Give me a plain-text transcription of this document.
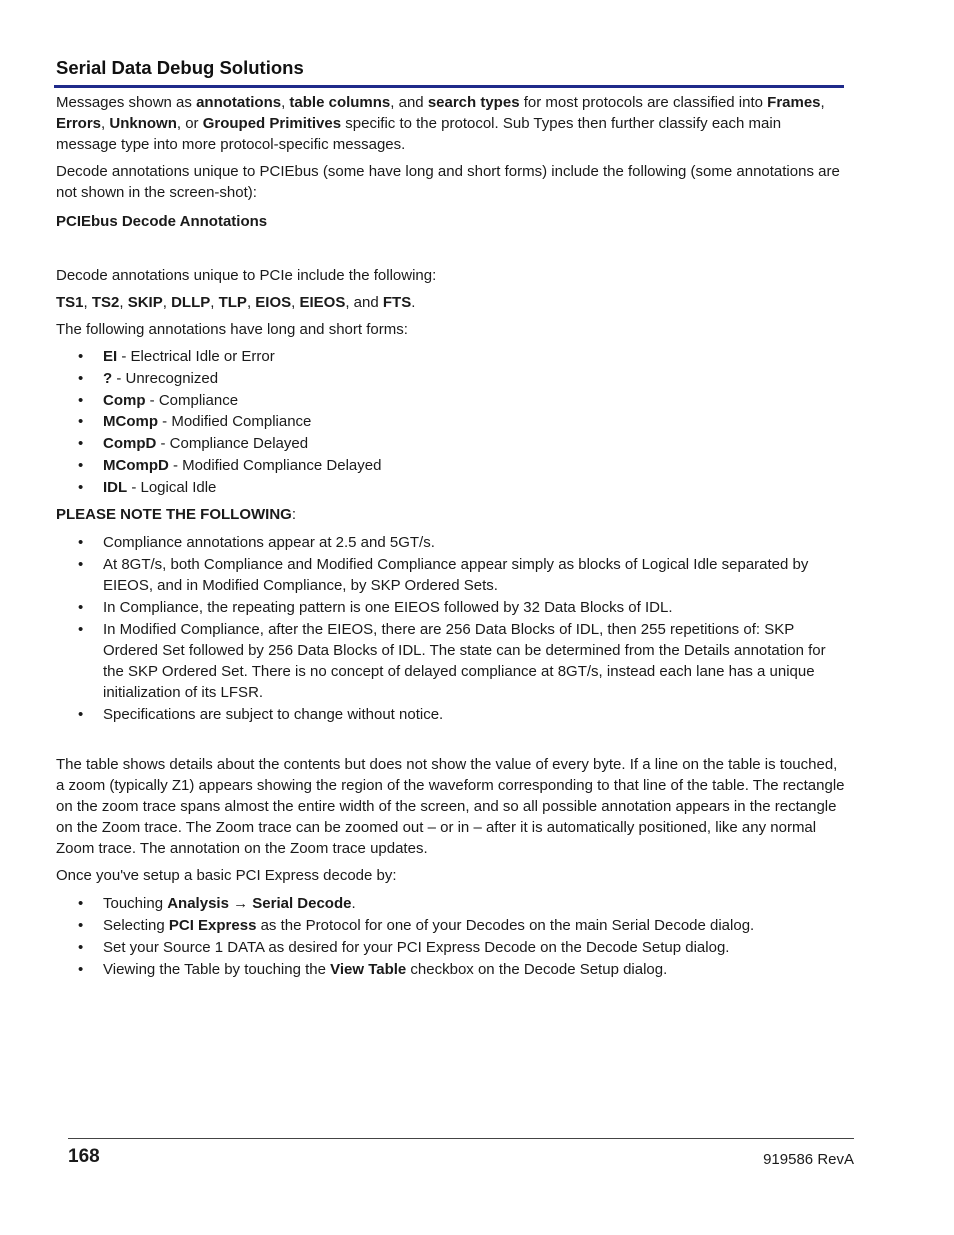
Serial Data Debug Solutions

Messages shown as annotations, table columns, and search types for most protocols are classified into Frames, Errors, Unknown, or Grouped Primitives specific to the protocol. Sub Types then further classify each main message type into more protocol-specific messages.

Decode annotations unique to PCIEbus (some have long and short forms) include the following (some annotations are not shown in the screen-shot):

PCIEbus Decode Annotations

Decode annotations unique to PCIe include the following:

TS1, TS2, SKIP, DLLP, TLP, EIOS, EIEOS, and FTS.

The following annotations have long and short forms:

• EI - Electrical Idle or Error
• ? - Unrecognized
• Comp - Compliance
• MComp - Modified Compliance
• CompD - Compliance Delayed
• MCompD - Modified Compliance Delayed
• IDL - Logical Idle

PLEASE NOTE THE FOLLOWING:

• Compliance annotations appear at 2.5 and 5GT/s.
• At 8GT/s, both Compliance and Modified Compliance appear simply as blocks of Logical Idle separated by EIEOS, and in Modified Compliance, by SKP Ordered Sets.
• In Compliance, the repeating pattern is one EIEOS followed by 32 Data Blocks of IDL.
• In Modified Compliance, after the EIEOS, there are 256 Data Blocks of IDL, then 255 repetitions of: SKP Ordered Set followed by 256 Data Blocks of IDL. The state can be determined from the Details annotation for the SKP Ordered Set. There is no concept of delayed compliance at 8GT/s, instead each lane has a unique initialization of its LFSR.
• Specifications are subject to change without notice.

The table shows details about the contents but does not show the value of every byte. If a line on the table is touched, a zoom (typically Z1) appears showing the region of the waveform corresponding to that line of the table. The rectangle on the zoom trace spans almost the entire width of the screen, and so all possible annotation appears in the rectangle on the Zoom trace. The Zoom trace can be zoomed out – or in – after it is automatically positioned, like any normal Zoom trace. The annotation on the Zoom trace updates.

Once you've setup a basic PCI Express decode by:

• Touching Analysis → Serial Decode.
• Selecting PCI Express as the Protocol for one of your Decodes on the main Serial Decode dialog.
• Set your Source 1 DATA as desired for your PCI Express Decode on the Decode Setup dialog.
• Viewing the Table by touching the View Table checkbox on the Decode Setup dialog.
168	919586 RevA
